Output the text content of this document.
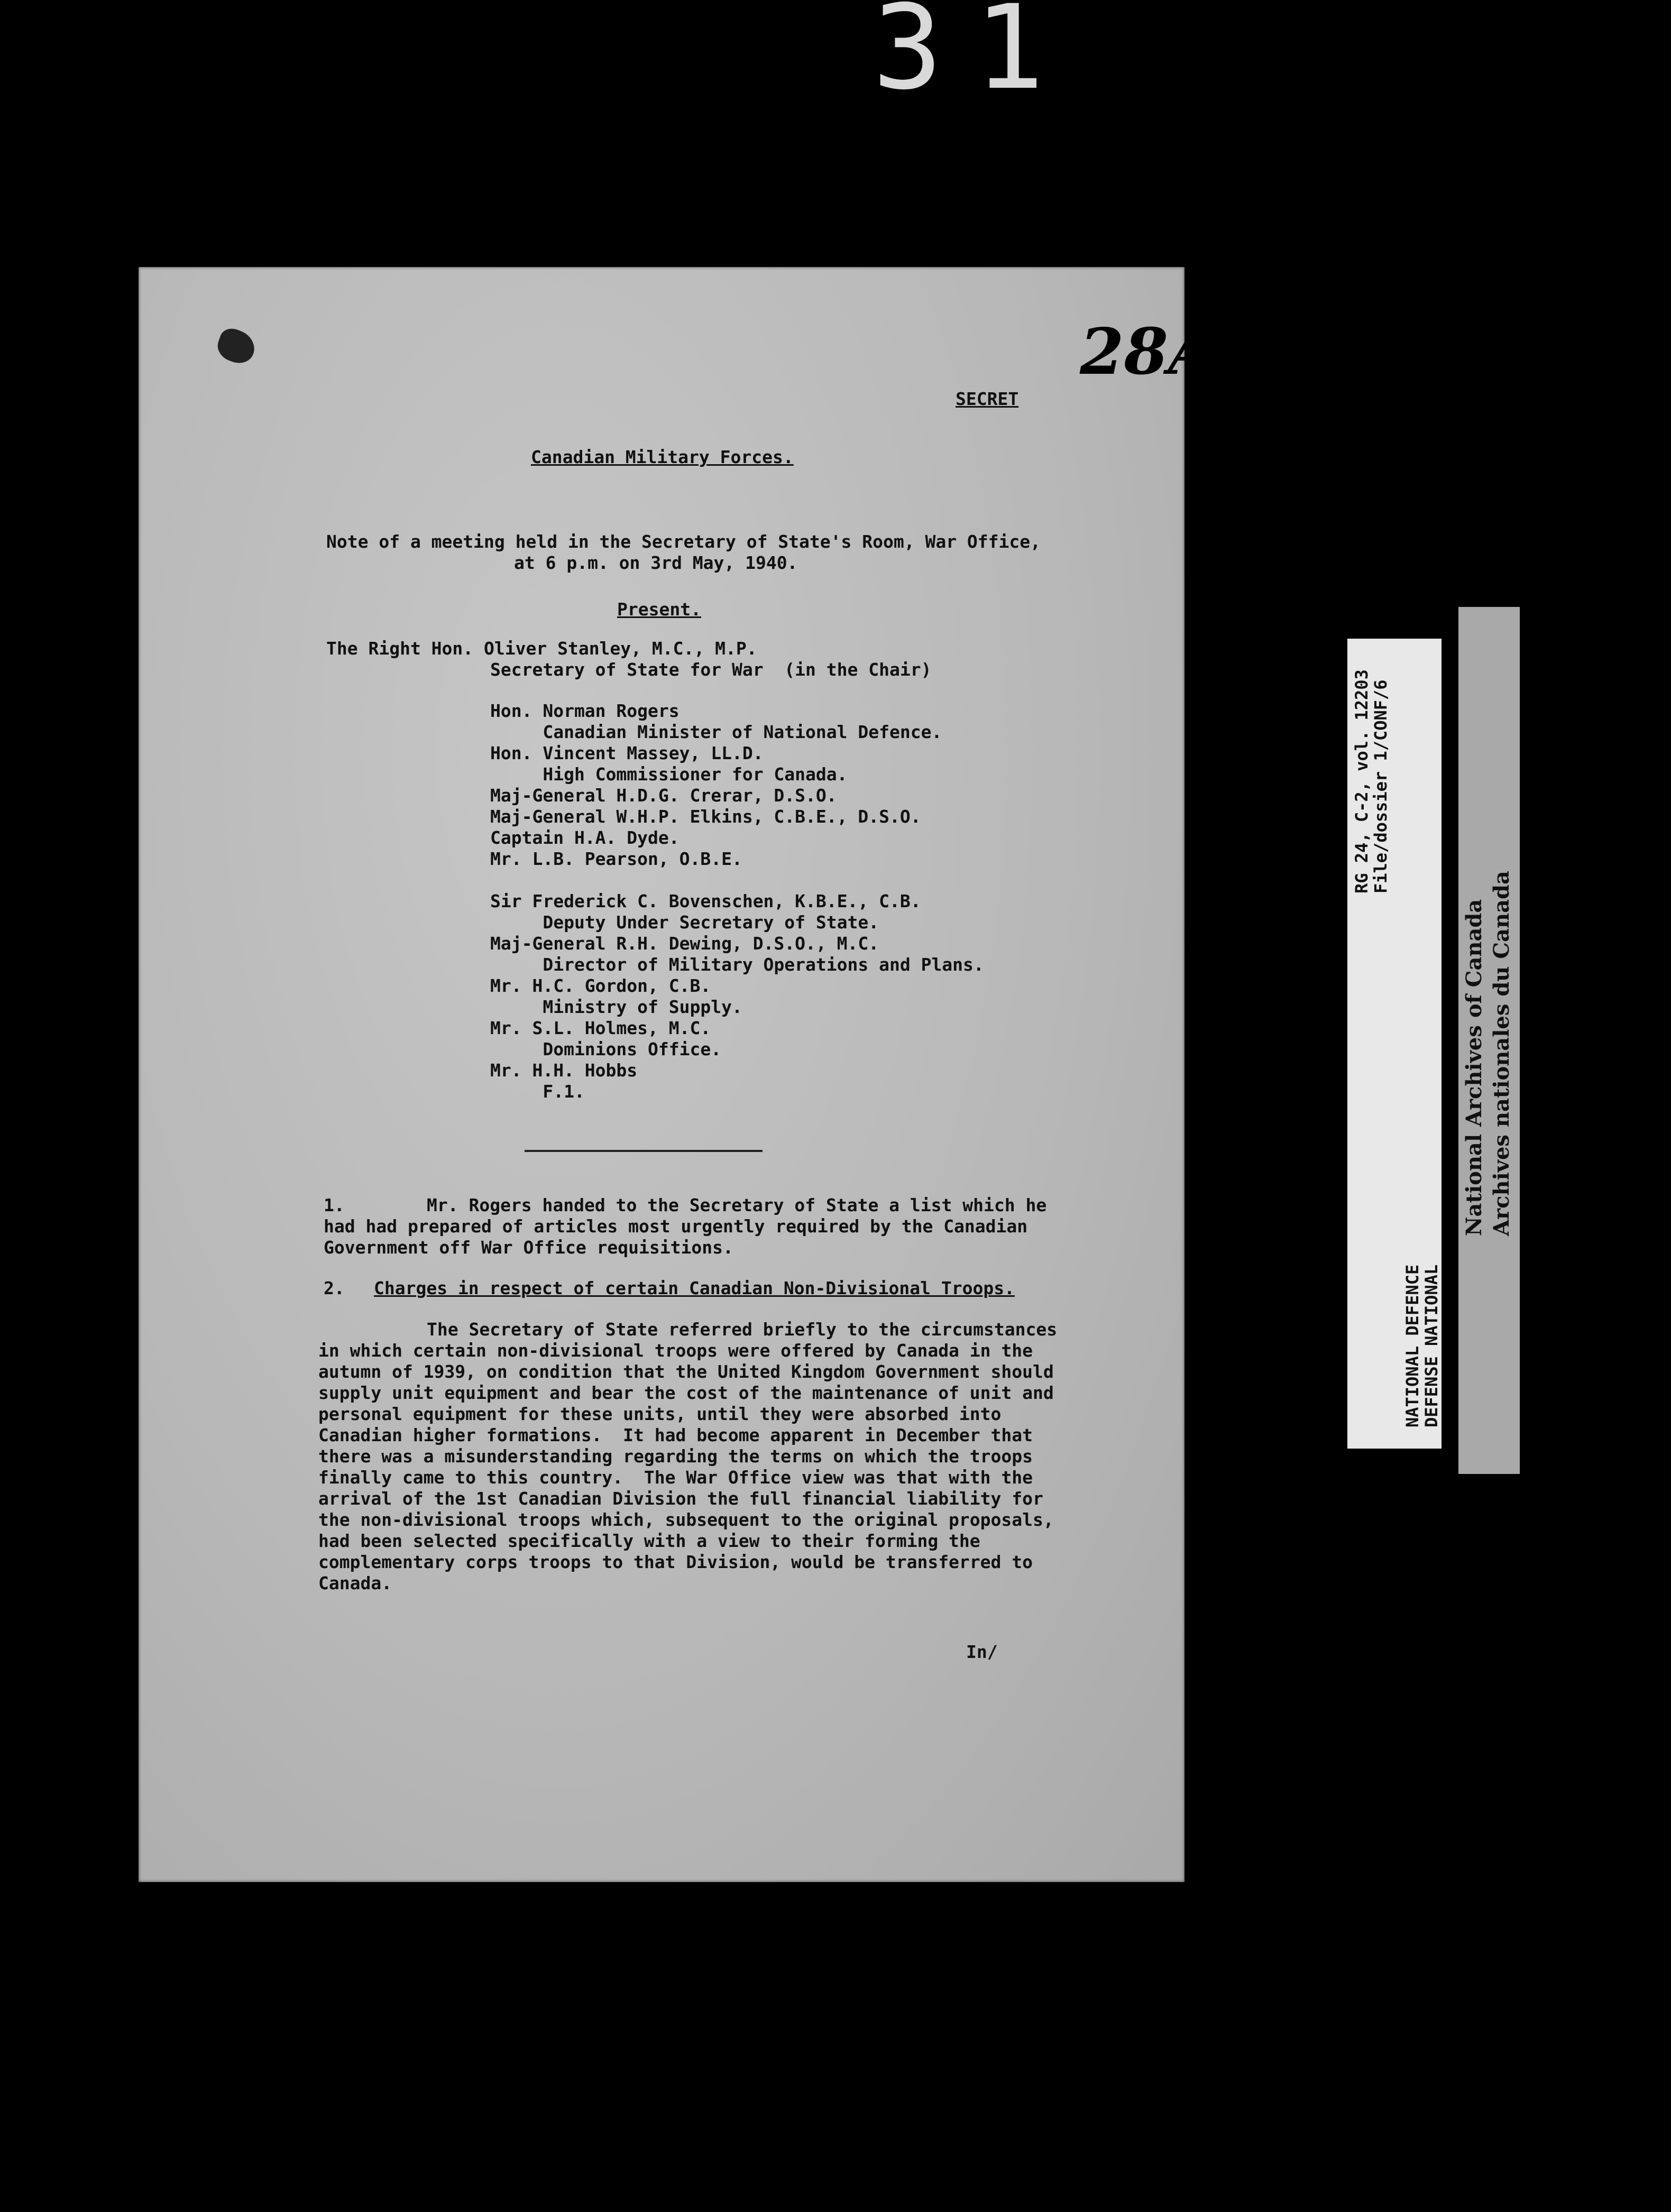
31
28A
SECRET
Canadian Military Forces.
Note of a meeting held in the Secretary of State's Room, War Office,
at 6 p.m. on 3rd May, 1940.
Present.
The Right Hon. Oliver Stanley, M.C., M.P.
Secretary of State for War  (in the Chair)
Hon. Norman Rogers
Canadian Minister of National Defence.
Hon. Vincent Massey, LL.D.
High Commissioner for Canada.
Maj-General H.D.G. Crerar, D.S.O.
Maj-General W.H.P. Elkins, C.B.E., D.S.O.
Captain H.A. Dyde.
Mr. L.B. Pearson, O.B.E.
Sir Frederick C. Bovenschen, K.B.E., C.B.
Deputy Under Secretary of State.
Maj-General R.H. Dewing, D.S.O., M.C.
Director of Military Operations and Plans.
Mr. H.C. Gordon, C.B.
Ministry of Supply.
Mr. S.L. Holmes, M.C.
Dominions Office.
Mr. H.H. Hobbs
F.1.
1.	Mr. Rogers handed to the Secretary of State a list which he
had had prepared of articles most urgently required by the Canadian
Government off War Office requisitions.
2. Charges in respect of certain Canadian Non-Divisional Troops.
The Secretary of State referred briefly to the circumstances
in which certain non-divisional troops were offered by Canada in the
autumn of 1939, on condition that the United Kingdom Government should
supply unit equipment and bear the cost of the maintenance of unit and
personal equipment for these units, until they were absorbed into
Canadian higher formations.  It had become apparent in December that
there was a misunderstanding regarding the terms on which the troops
finally came to this country.  The War Office view was that with the
arrival of the 1st Canadian Division the full financial liability for
the non-divisional troops which, subsequent to the original proposals,
had been selected specifically with a view to their forming the
complementary corps troops to that Division, would be transferred to
Canada.
In/
RG 24, C-2, vol. 12203
File/dossier 1/CONF/6
NATIONAL DEFENCE
DEFENSE NATIONAL
National Archives of Canada Archives nationales du Canada
